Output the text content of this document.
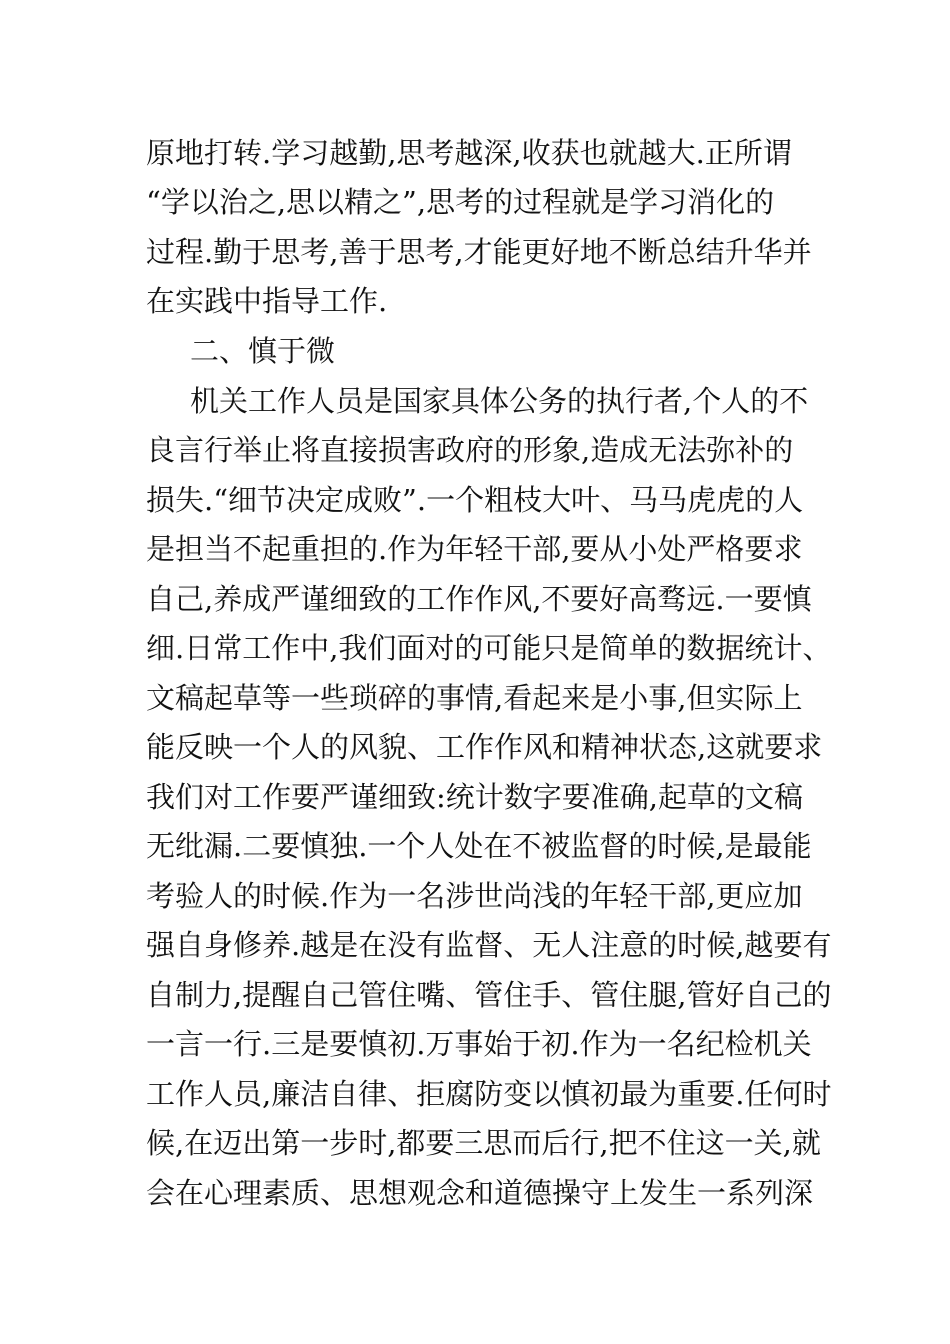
原地打转.学习越勤,思考越深,收获也就越大.正所谓
“学以治之,思以精之”,思考的过程就是学习消化的
过程.勤于思考,善于思考,才能更好地不断总结升华并
在实践中指导工作.
二、慎于微
机关工作人员是国家具体公务的执行者,个人的不
良言行举止将直接损害政府的形象,造成无法弥补的
损失.“细节决定成败”.一个粗枝大叶、马马虎虎的人
是担当不起重担的.作为年轻干部,要从小处严格要求
自己,养成严谨细致的工作作风,不要好高骛远.一要慎
细.日常工作中,我们面对的可能只是简单的数据统计、
文稿起草等一些琐碎的事情,看起来是小事,但实际上
能反映一个人的风貌、工作作风和精神状态,这就要求
我们对工作要严谨细致:统计数字要准确,起草的文稿
无纰漏.二要慎独.一个人处在不被监督的时候,是最能
考验人的时候.作为一名涉世尚浅的年轻干部,更应加
强自身修养.越是在没有监督、无人注意的时候,越要有
自制力,提醒自己管住嘴、管住手、管住腿,管好自己的
一言一行.三是要慎初.万事始于初.作为一名纪检机关
工作人员,廉洁自律、拒腐防变以慎初最为重要.任何时
候,在迈出第一步时,都要三思而后行,把不住这一关,就
会在心理素质、思想观念和道德操守上发生一系列深
